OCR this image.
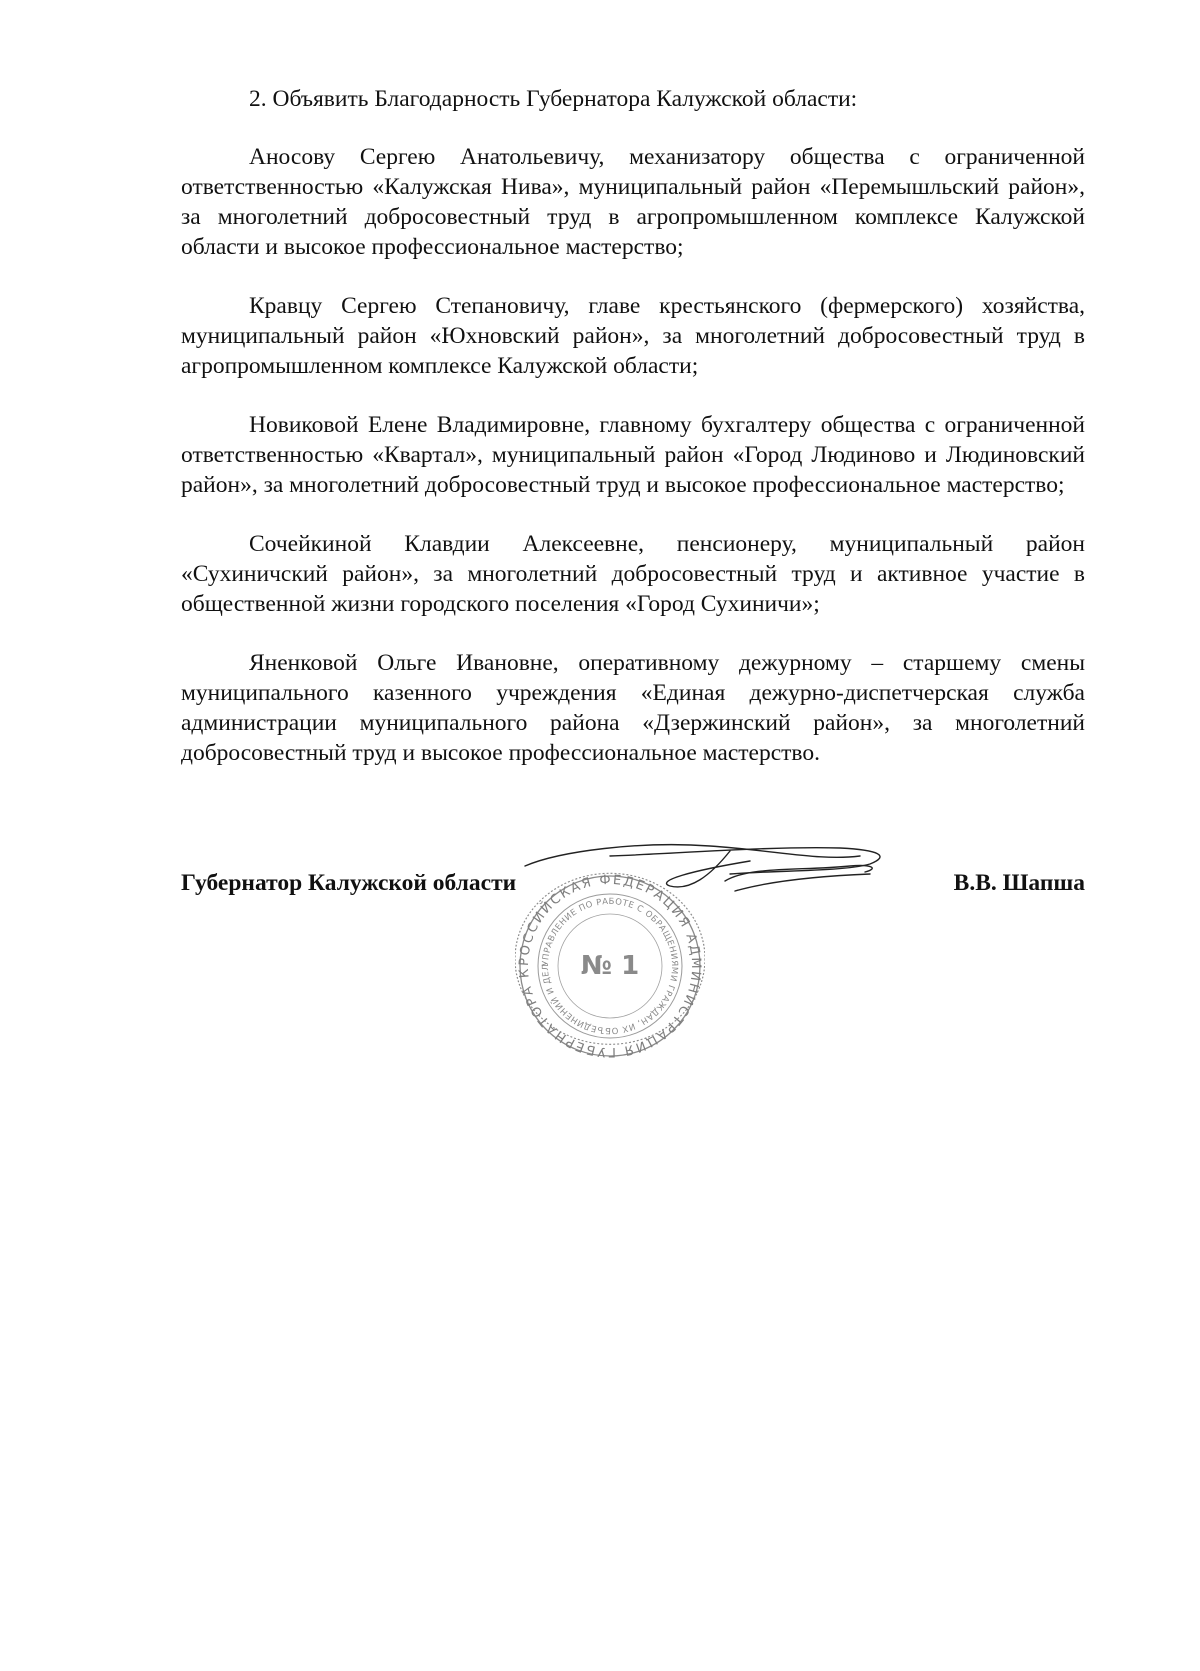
2. Объявить Благодарность Губернатора Калужской области:

Аносову Сергею Анатольевичу, механизатору общества с ограниченной ответственностью «Калужская Нива», муниципальный район «Перемышльский район», за многолетний добросовестный труд в агропромышленном комплексе Калужской области и высокое профессиональное мастерство;

Кравцу Сергею Степановичу, главе крестьянского (фермерского) хозяйства, муниципальный район «Юхновский район», за многолетний добросовестный труд в агропромышленном комплексе Калужской области;

Новиковой Елене Владимировне, главному бухгалтеру общества с ограниченной ответственностью «Квартал», муниципальный район «Город Людиново и Людиновский район», за многолетний добросовестный труд и высокое профессиональное мастерство;

Сочейкиной Клавдии Алексеевне, пенсионеру, муниципальный район «Сухиничский район», за многолетний добросовестный труд и активное участие в общественной жизни городского поселения «Город Сухиничи»;

Яненковой Ольге Ивановне, оперативному дежурному – старшему смены муниципального казенного учреждения «Единая дежурно-диспетчерская служба администрации муниципального района «Дзержинский район», за многолетний добросовестный труд и высокое профессиональное мастерство.

РОССИЙСКАЯ ФЕДЕРАЦИЯ АДМИНИСТРАЦИЯ ГУБЕРНАТОРА К
УПРАВЛЕНИЕ ПО РАБОТЕ С ОБРАЩЕНИЯМИ ГРАЖДАН, ИХ ОБЪЕДИНЕНИЙ И ДЕЛ	№ 1
Губернатор Калужской области	В.В. Шапша
